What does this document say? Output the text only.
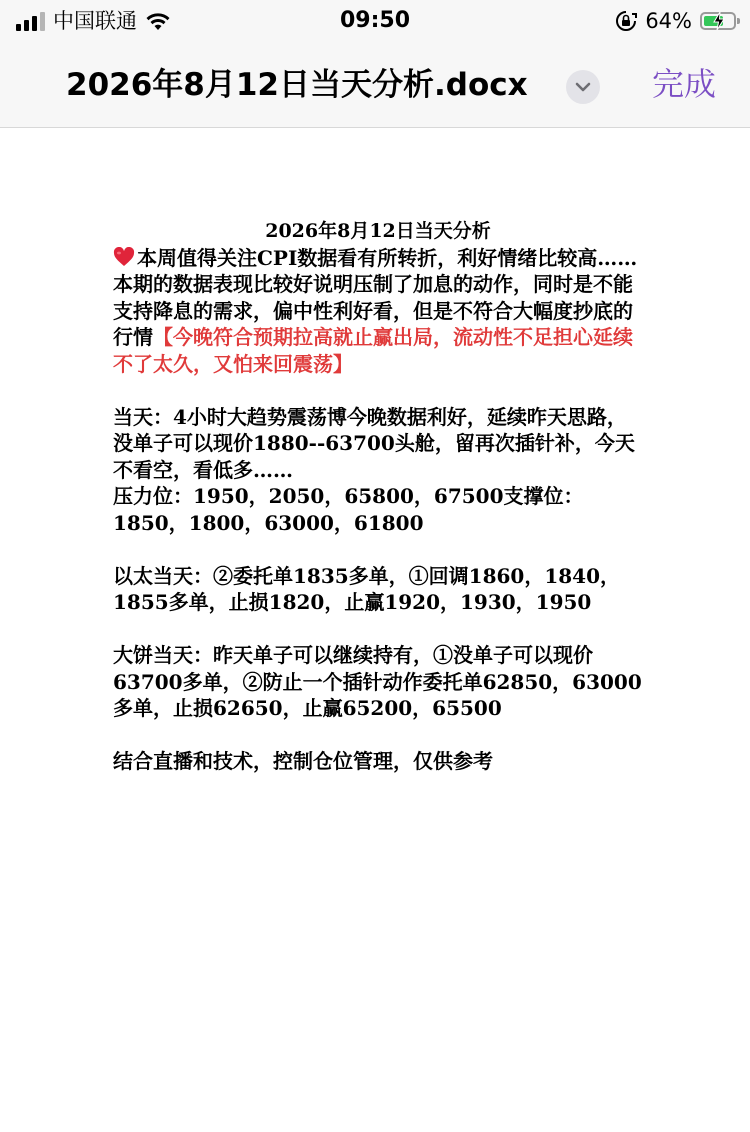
中国联通	09:50	64%
2026年8月12日当天分析.docx	完成

2026年8月12日当天分析

本周值得关注CPI数据看有所转折，利好情绪比较高……本期的数据表现比较好说明压制了加息的动作，同时是不能支持降息的需求，偏中性利好看，但是不符合大幅度抄底的行情【今晚符合预期拉高就止赢出局，流动性不足担心延续不了太久，又怕来回震荡】

当天：4小时大趋势震荡博今晚数据利好，延续昨天思路，没单子可以现价1880--63700头舱，留再次插针补，今天不看空，看低多……

压力位：1950，2050，65800，67500支撑位：1850，1800，63000，61800

以太当天：②委托单1835多单，①回调1860，1840，1855多单，止损1820，止赢1920，1930，1950

大饼当天：昨天单子可以继续持有，①没单子可以现价63700多单，②防止一个插针动作委托单62850，63000多单，止损62650，止赢65200，65500

结合直播和技术，控制仓位管理，仅供参考
